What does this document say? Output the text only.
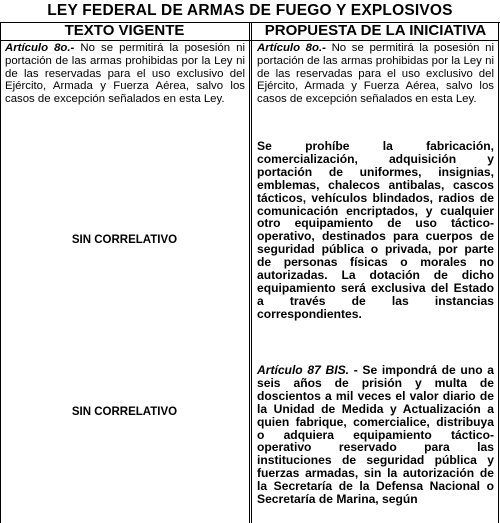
LEY FEDERAL DE ARMAS DE FUEGO Y EXPLOSIVOS
TEXTO VIGENTE	PROPUESTA DE LA INICIATIVA
Artículo 8o.- No se permitirá la posesión ni portación de las armas prohibidas por la Ley ni de las reservadas para el uso exclusivo del Ejército, Armada y Fuerza Aérea, salvo los casos de excepción señalados en esta Ley.
Artículo 8o.- No se permitirá la posesión ni portación de las armas prohibidas por la Ley ni de las reservadas para el uso exclusivo del Ejército, Armada y Fuerza Aérea, salvo los casos de excepción señalados en esta Ley.
Se prohíbe la fabricación, comercialización, adquisición y portación de uniformes, insignias, emblemas, chalecos antibalas, cascos tácticos, vehículos blindados, radios de comunicación encriptados, y cualquier otro equipamiento de uso táctico-operativo, destinados para cuerpos de seguridad pública o privada, por parte de personas físicas o morales no autorizadas. La dotación de dicho equipamiento será exclusiva del Estado a través de las instancias correspondientes.
SIN CORRELATIVO
Artículo 87 BIS. - Se impondrá de uno a seis años de prisión y multa de doscientos a mil veces el valor diario de la Unidad de Medida y Actualización a quien fabrique, comercialice, distribuya o adquiera equipamiento táctico-operativo reservado para las instituciones de seguridad pública y fuerzas armadas, sin la autorización de la Secretaría de la Defensa Nacional o Secretaría de Marina, según
SIN CORRELATIVO
